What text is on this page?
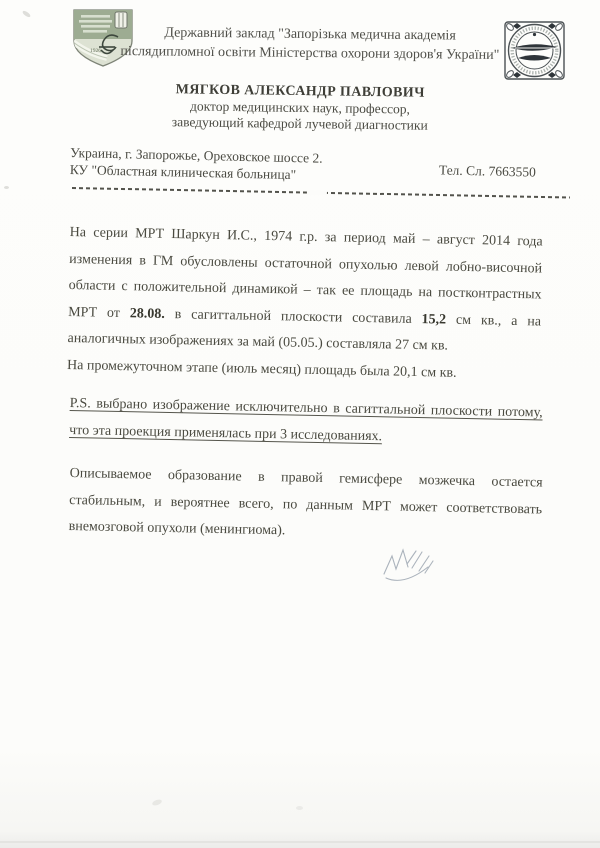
1926
Державний заклад "Запорізька медична академія
післядипломної освіти Міністерства охорони здоров'я України"
МЯГКОВ АЛЕКСАНДР ПАВЛОВИЧ
доктор медицинских наук, профессор,
заведующий кафедрой лучевой диагностики
Украина, г. Запорожье, Ореховское шоссе 2.
КУ "Областная клиническая больница"	Тел. Сл. 7663550
На серии МРТ Шаркун И.С., 1974 г.р. за период май – август 2014 года
изменения в ГМ обусловлены остаточной опухолью левой лобно-височной
области с положительной динамикой – так ее площадь на постконтрастных
МРТ от 28.08. в сагиттальной плоскости составила 15,2 см кв., а на
аналогичных изображениях за май (05.05.) составляла 27 см кв.
На промежуточном этапе (июль месяц) площадь была 20,1 см кв.
P.S. выбрано изображение исключительно в сагиттальной плоскости потому,
что эта проекция применялась при 3 исследованиях.
Описываемое образование в правой гемисфере мозжечка остается
стабильным, и вероятнее всего, по данным МРТ может соответствовать
внемозговой опухоли (менингиома).
